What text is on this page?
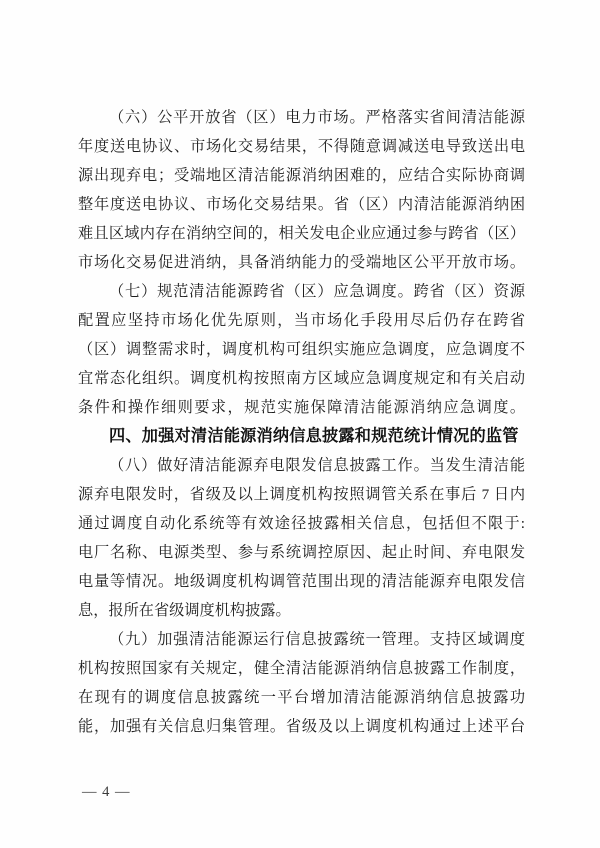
（六）公平开放省（区）电力市场。严格落实省间清洁能源
年度送电协议、市场化交易结果，不得随意调减送电导致送出电
源出现弃电；受端地区清洁能源消纳困难的，应结合实际协商调
整年度送电协议、市场化交易结果。省（区）内清洁能源消纳困
难且区域内存在消纳空间的，相关发电企业应通过参与跨省（区）
市场化交易促进消纳，具备消纳能力的受端地区公平开放市场。
（七）规范清洁能源跨省（区）应急调度。跨省（区）资源
配置应坚持市场化优先原则，当市场化手段用尽后仍存在跨省
（区）调整需求时，调度机构可组织实施应急调度，应急调度不
宜常态化组织。调度机构按照南方区域应急调度规定和有关启动
条件和操作细则要求，规范实施保障清洁能源消纳应急调度。
四、加强对清洁能源消纳信息披露和规范统计情况的监管
（八）做好清洁能源弃电限发信息披露工作。当发生清洁能
源弃电限发时，省级及以上调度机构按照调管关系在事后 7 日内
通过调度自动化系统等有效途径披露相关信息，包括但不限于:
电厂名称、电源类型、参与系统调控原因、起止时间、弃电限发
电量等情况。地级调度机构调管范围出现的清洁能源弃电限发信
息，报所在省级调度机构披露。
（九）加强清洁能源运行信息披露统一管理。支持区域调度
机构按照国家有关规定，健全清洁能源消纳信息披露工作制度，
在现有的调度信息披露统一平台增加清洁能源消纳信息披露功
能，加强有关信息归集管理。省级及以上调度机构通过上述平台
— 4 —
